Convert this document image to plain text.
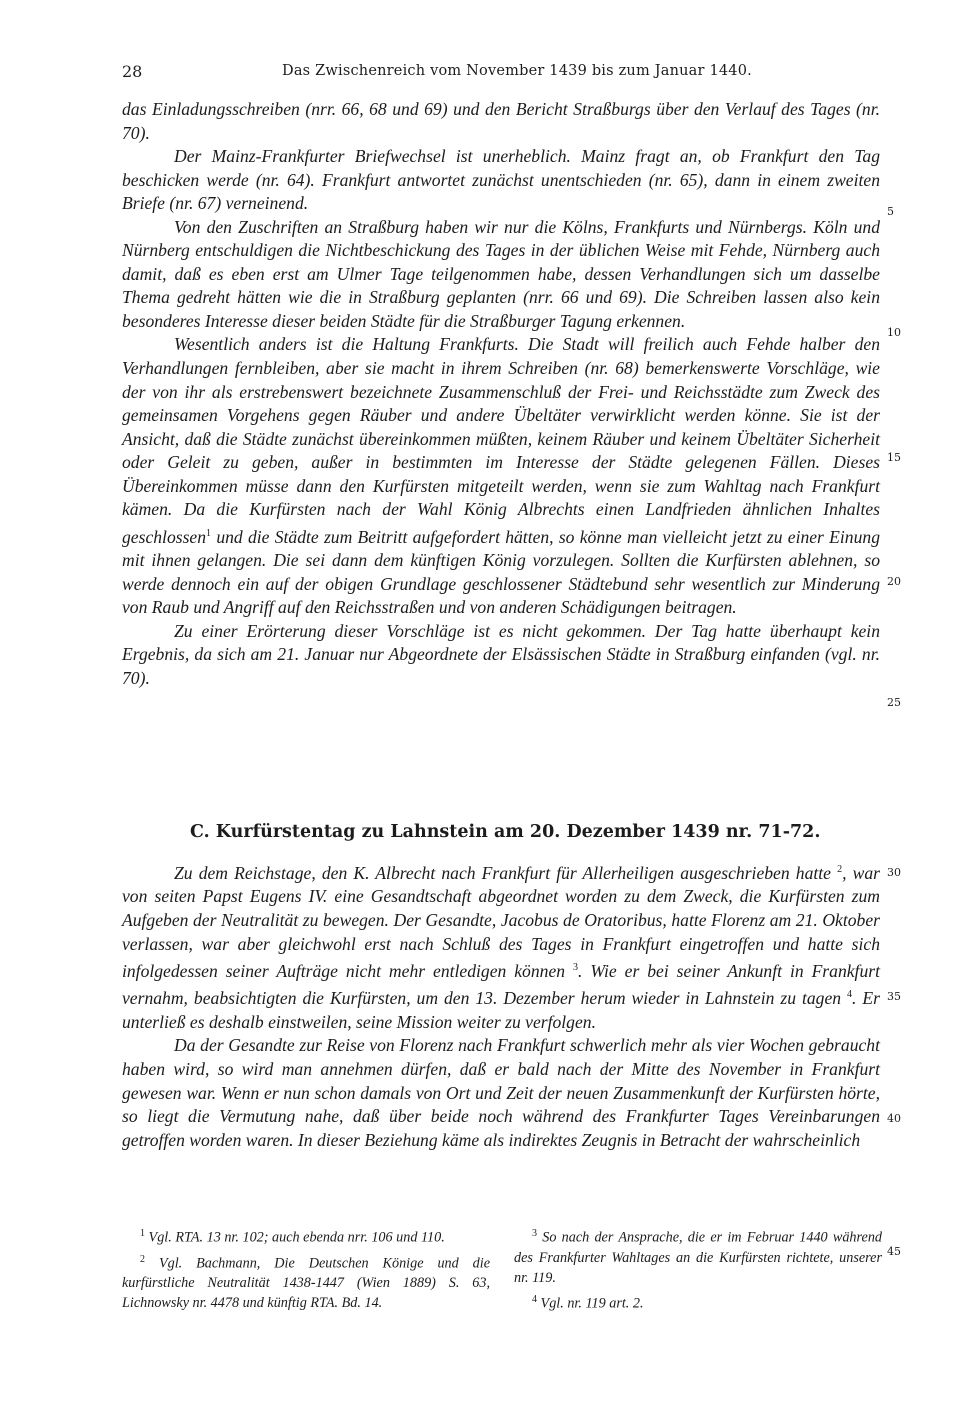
28	Das Zwischenreich vom November 1439 bis zum Januar 1440.

das Einladungsschreiben (nrr. 66, 68 und 69) und den Bericht Straßburgs über den Verlauf des Tages (nr. 70).

Der Mainz-Frankfurter Briefwechsel ist unerheblich. Mainz fragt an, ob Frankfurt den Tag beschicken werde (nr. 64). Frankfurt antwortet zunächst unentschieden (nr. 65), dann in einem zweiten Briefe (nr. 67) verneinend.

Von den Zuschriften an Straßburg haben wir nur die Kölns, Frankfurts und Nürnbergs. Köln und Nürnberg entschuldigen die Nichtbeschickung des Tages in der üblichen Weise mit Fehde, Nürnberg auch damit, daß es eben erst am Ulmer Tage teilgenommen habe, dessen Verhandlungen sich um dasselbe Thema gedreht hätten wie die in Straßburg geplanten (nrr. 66 und 69). Die Schreiben lassen also kein besonderes Interesse dieser beiden Städte für die Straßburger Tagung erkennen.

Wesentlich anders ist die Haltung Frankfurts. Die Stadt will freilich auch Fehde halber den Verhandlungen fernbleiben, aber sie macht in ihrem Schreiben (nr. 68) bemerkenswerte Vorschläge, wie der von ihr als erstrebenswert bezeichnete Zusammenschluß der Frei- und Reichsstädte zum Zweck des gemeinsamen Vorgehens gegen Räuber und andere Übeltäter verwirklicht werden könne. Sie ist der Ansicht, daß die Städte zunächst übereinkommen müßten, keinem Räuber und keinem Übeltäter Sicherheit oder Geleit zu geben, außer in bestimmten im Interesse der Städte gelegenen Fällen. Dieses Übereinkommen müsse dann den Kurfürsten mitgeteilt werden, wenn sie zum Wahltag nach Frankfurt kämen. Da die Kurfürsten nach der Wahl König Albrechts einen Landfrieden ähnlichen Inhaltes geschlossen$^1$ und die Städte zum Beitritt aufgefordert hätten, so könne man vielleicht jetzt zu einer Einung mit ihnen gelangen. Die sei dann dem künftigen König vorzulegen. Sollten die Kurfürsten ablehnen, so werde dennoch ein auf der obigen Grundlage geschlossener Städtebund sehr wesentlich zur Minderung von Raub und Angriff auf den Reichsstraßen und von anderen Schädigungen beitragen.

Zu einer Erörterung dieser Vorschläge ist es nicht gekommen. Der Tag hatte überhaupt kein Ergebnis, da sich am 21. Januar nur Abgeordnete der Elsässischen Städte in Straßburg einfanden (vgl. nr. 70).

C. Kurfürstentag zu Lahnstein am 20. Dezember 1439 nr. 71-72.

Zu dem Reichstage, den K. Albrecht nach Frankfurt für Allerheiligen ausgeschrieben hatte $^2$, war von seiten Papst Eugens IV. eine Gesandtschaft abgeordnet worden zu dem Zweck, die Kurfürsten zum Aufgeben der Neutralität zu bewegen. Der Gesandte, Jacobus de Oratoribus, hatte Florenz am 21. Oktober verlassen, war aber gleichwohl erst nach Schluß des Tages in Frankfurt eingetroffen und hatte sich infolgedessen seiner Aufträge nicht mehr entledigen können $^3$. Wie er bei seiner Ankunft in Frankfurt vernahm, beabsichtigten die Kurfürsten, um den 13. Dezember herum wieder in Lahnstein zu tagen $^4$. Er unterließ es deshalb einstweilen, seine Mission weiter zu verfolgen.

Da der Gesandte zur Reise von Florenz nach Frankfurt schwerlich mehr als vier Wochen gebraucht haben wird, so wird man annehmen dürfen, daß er bald nach der Mitte des November in Frankfurt gewesen war. Wenn er nun schon damals von Ort und Zeit der neuen Zusammenkunft der Kurfürsten hörte, so liegt die Vermutung nahe, daß über beide noch während des Frankfurter Tages Vereinbarungen getroffen worden waren. In dieser Beziehung käme als indirektes Zeugnis in Betracht der wahrscheinlich

5
10
15
20
25
30
35
40
45

$^1$ Vgl. RTA. 13 nr. 102; auch ebenda nrr. 106 und 110.

$^2$ Vgl. Bachmann, Die Deutschen Könige und die kurfürstliche Neutralität 1438-1447 (Wien 1889) S. 63, Lichnowsky nr. 4478 und künftig RTA. Bd. 14.

$^3$ So nach der Ansprache, die er im Februar 1440 während des Frankfurter Wahltages an die Kurfürsten richtete, unserer nr. 119.

$^4$ Vgl. nr. 119 art. 2.
